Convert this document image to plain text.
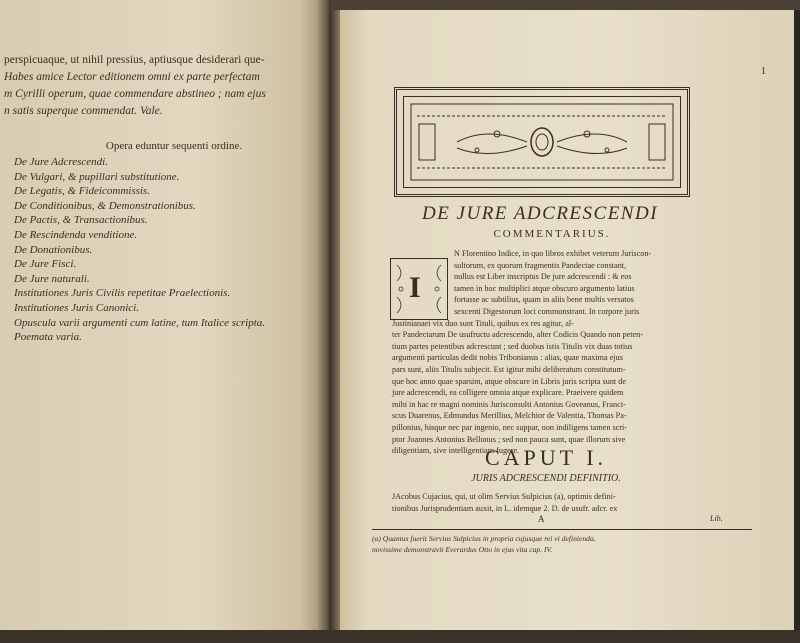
perspicuaque, ut nihil pressius, aptiusque desiderari que-

Habes amice Lector editionem omni ex parte perfectam

m Cyrilli operum, quae commendare abstineo ; nam ejus

n satis superque commendat. Vale.

Opera eduntur sequenti ordine.

De Jure Adcrescendi.
De Vulgari, & pupillari substitutione.
De Legatis, & Fideicommissis.
De Conditionibus, & Demonstrationibus.
De Pactis, & Transactionibus.
De Rescindenda venditione.
De Donationibus.
De Jure Fisci.
De Jure naturali.
Institutiones Juris Civilis repetitae Praelectionis.
Institutiones Juris Canonici.
Opuscula varii argumenti cum latine, tum Italice scripta.
Poemata varia.
1
DE JURE ADCRESCENDI
COMMENTARIUS.
I

N Florentino Indice, in quo libros exhibet veterum Juriscon-

sultorum, ex quorum fragmentis Pandectae constant,

nullus est Liber inscriptus De jure adcrescendi : & eos

tamen in hoc multiplici atque obscuro argumento latius

fortasse ac subtilius, quam in aliis bene multis versatos

sexcenti Digestorum loci commonstrant. In corpore juris

Justinianaei vix duo sunt Tituli, quibus ex res agitur, al-

ter Pandectarum De usufructu adcrescendo, alter Codicis Quando non peten-

tium partes petentibus adcrescunt ; sed duobus istis Titulis vix duas totius

argumenti particulas dedit nobis Tribonianus : alias, quae maxima ejus

pars sunt, aliis Titulis subjecit. Est igitur mihi deliberatum constitutum-

que hoc anno quae sparsim, atque obscure in Libris juris scripta sunt de

jure adcrescendi, ea colligere omnia atque explicare. Praeivere quidem

mihi in hac re magni nominis Jurisconsulti Antonius Goveanus, Franci-

scus Duarenus, Edmundus Merillius, Melchior de Valentia, Thomas Pa-

pillonius, hisque nec par ingenio, nec suppar, non indiligens tamen scri-

ptor Joannes Antonius Bellonus ; sed non pauca sunt, quae illorum sive

diligentiam, sive intelligentiam fugere.

CAPUT I.
JURIS ADCRESCENDI DEFINITIO.

JAcobus Cujacius, qui, ut olim Servius Sulpicius (a), optimis defini-

tionibus Jurisprudentiam auxit, in L. idemque 2. D. de usufr. adcr. ex

A	Lib.

(a) Quantus fuerit Servius Sulpicius in propria cujusque rei vi definienda,

novissime demonstravit Everardus Otto in ejus vita cap. IV.
